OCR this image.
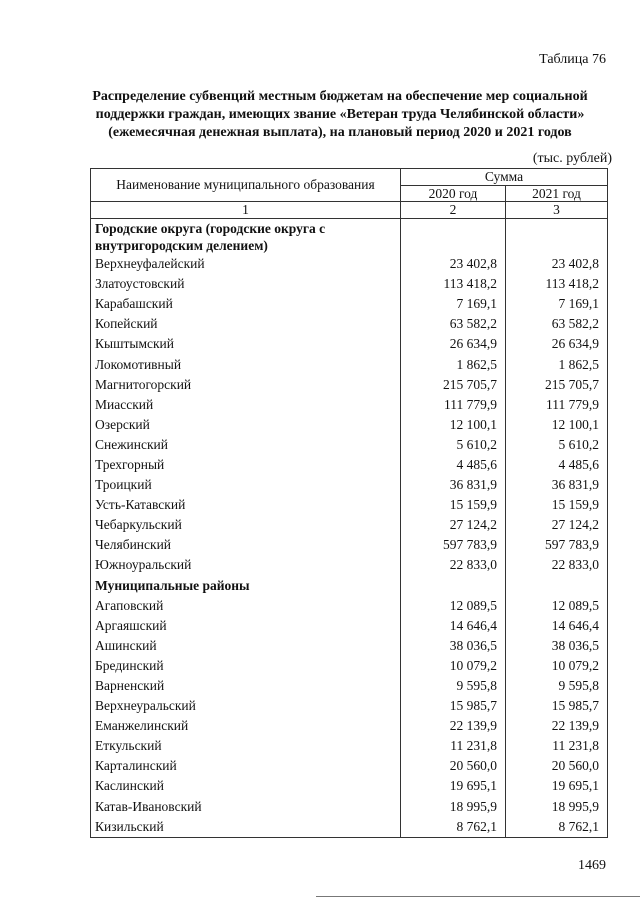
Таблица 76
Распределение субвенций местным бюджетам на обеспечение мер социальной поддержки граждан, имеющих звание «Ветеран труда Челябинской области» (ежемесячная денежная выплата), на плановый период 2020 и 2021 годов
(тыс. рублей)
Наименование муниципального образования	Сумма	
	2020 год	2021 год
1	2	3
Городские округа (городские округа с внутригородским делением)		
Верхнеуфалейский	23 402,8	23 402,8
Златоустовский	113 418,2	113 418,2
Карабашский	7 169,1	7 169,1
Копейский	63 582,2	63 582,2
Кыштымский	26 634,9	26 634,9
Локомотивный	1 862,5	1 862,5
Магнитогорский	215 705,7	215 705,7
Миасский	111 779,9	111 779,9
Озерский	12 100,1	12 100,1
Снежинский	5 610,2	5 610,2
Трехгорный	4 485,6	4 485,6
Троицкий	36 831,9	36 831,9
Усть-Катавский	15 159,9	15 159,9
Чебаркульский	27 124,2	27 124,2
Челябинский	597 783,9	597 783,9
Южноуральский	22 833,0	22 833,0
Муниципальные районы		
Агаповский	12 089,5	12 089,5
Аргаяшский	14 646,4	14 646,4
Ашинский	38 036,5	38 036,5
Брединский	10 079,2	10 079,2
Варненский	9 595,8	9 595,8
Верхнеуральский	15 985,7	15 985,7
Еманжелинский	22 139,9	22 139,9
Еткульский	11 231,8	11 231,8
Карталинский	20 560,0	20 560,0
Каслинский	19 695,1	19 695,1
Катав-Ивановский	18 995,9	18 995,9
Кизильский	8 762,1	8 762,1
1469
